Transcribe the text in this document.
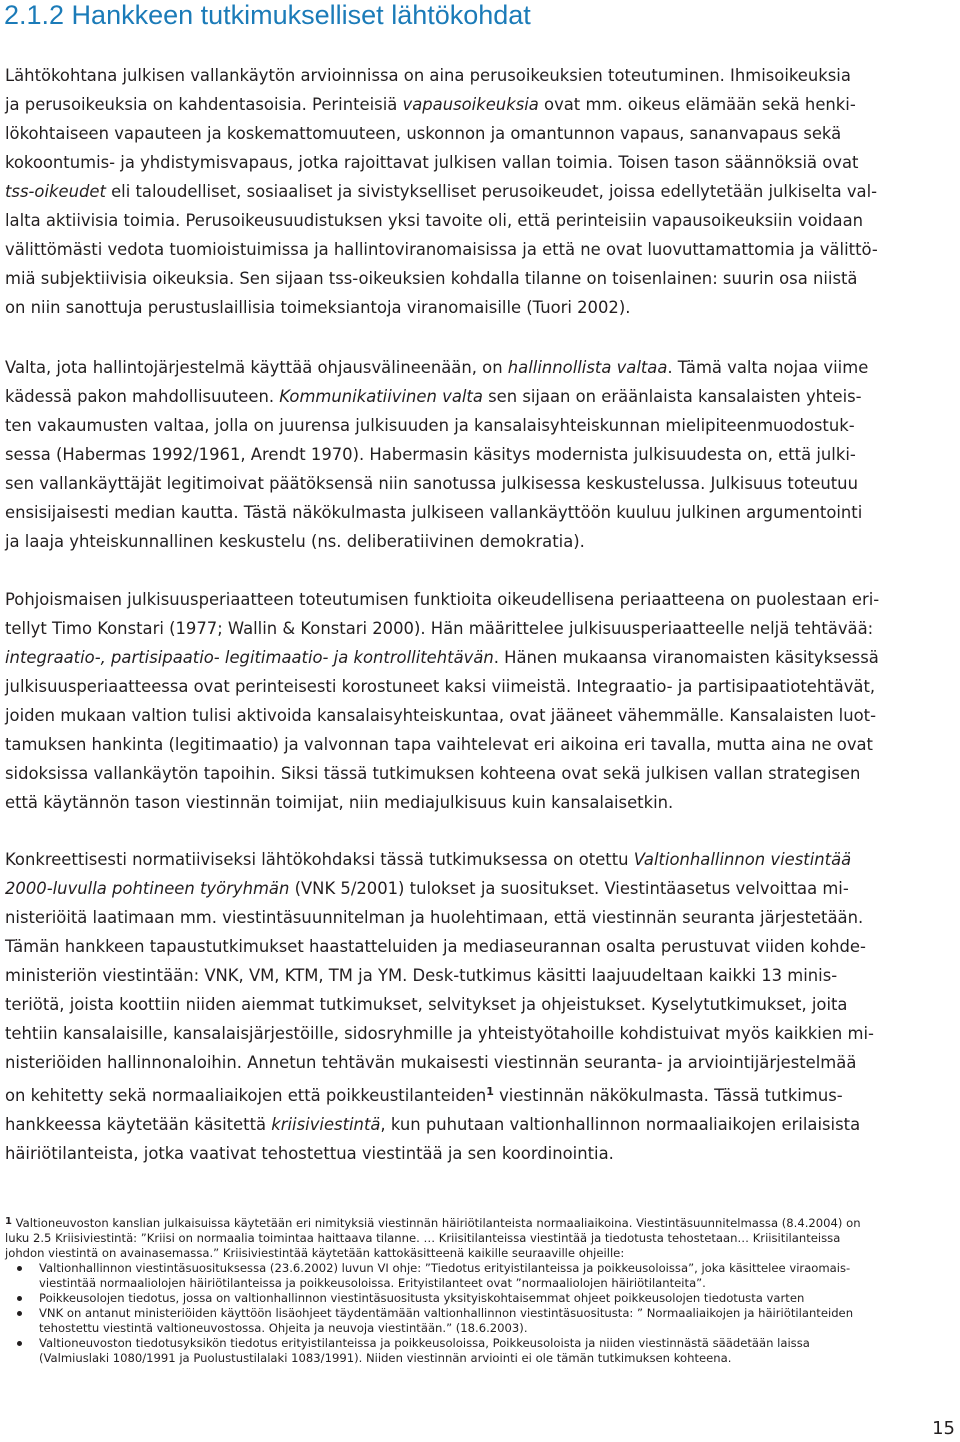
2.1.2 Hankkeen tutkimukselliset lähtökohdat
Lähtökohtana julkisen vallankäytön arvioinnissa on aina perusoikeuksien toteutuminen. Ihmisoikeuksia
ja perusoikeuksia on kahdentasoisia. Perinteisiä vapausoikeuksia ovat mm. oikeus elämään sekä henki-
lökohtaiseen vapauteen ja koskemattomuuteen, uskonnon ja omantunnon vapaus, sananvapaus sekä
kokoontumis- ja yhdistymisvapaus, jotka rajoittavat julkisen vallan toimia. Toisen tason säännöksiä ovat
tss-oikeudet eli taloudelliset, sosiaaliset ja sivistykselliset perusoikeudet, joissa edellytetään julkiselta val-
lalta aktiivisia toimia. Perusoikeusuudistuksen yksi tavoite oli, että perinteisiin vapausoikeuksiin voidaan
välittömästi vedota tuomioistuimissa ja hallintoviranomaisissa ja että ne ovat luovuttamattomia ja välittö-
miä subjektiivisia oikeuksia. Sen sijaan tss-oikeuksien kohdalla tilanne on toisenlainen: suurin osa niistä
on niin sanottuja perustuslaillisia toimeksiantoja viranomaisille (Tuori 2002).
Valta, jota hallintojärjestelmä käyttää ohjausvälineenään, on hallinnollista valtaa. Tämä valta nojaa viime
kädessä pakon mahdollisuuteen. Kommunikatiivinen valta sen sijaan on eräänlaista kansalaisten yhteis-
ten vakaumusten valtaa, jolla on juurensa julkisuuden ja kansalaisyhteiskunnan mielipiteenmuodostuk-
sessa (Habermas 1992/1961, Arendt 1970). Habermasin käsitys modernista julkisuudesta on, että julki-
sen vallankäyttäjät legitimoivat päätöksensä niin sanotussa julkisessa keskustelussa. Julkisuus toteutuu
ensisijaisesti median kautta. Tästä näkökulmasta julkiseen vallankäyttöön kuuluu julkinen argumentointi
ja laaja yhteiskunnallinen keskustelu (ns. deliberatiivinen demokratia).
Pohjoismaisen julkisuusperiaatteen toteutumisen funktioita oikeudellisena periaatteena on puolestaan eri-
tellyt Timo Konstari (1977; Wallin & Konstari 2000). Hän määrittelee julkisuusperiaatteelle neljä tehtävää:
integraatio-, partisipaatio- legitimaatio- ja kontrollitehtävän. Hänen mukaansa viranomaisten käsityksessä
julkisuusperiaatteessa ovat perinteisesti korostuneet kaksi viimeistä. Integraatio- ja partisipaatiotehtävät,
joiden mukaan valtion tulisi aktivoida kansalaisyhteiskuntaa, ovat jääneet vähemmälle. Kansalaisten luot-
tamuksen hankinta (legitimaatio) ja valvonnan tapa vaihtelevat eri aikoina eri tavalla, mutta aina ne ovat
sidoksissa vallankäytön tapoihin. Siksi tässä tutkimuksen kohteena ovat sekä julkisen vallan strategisen
että käytännön tason viestinnän toimijat, niin mediajulkisuus kuin kansalaisetkin.
Konkreettisesti normatiiviseksi lähtökohdaksi tässä tutkimuksessa on otettu Valtionhallinnon viestintää
2000-luvulla pohtineen työryhmän (VNK 5/2001) tulokset ja suositukset. Viestintäasetus velvoittaa mi-
nisteriöitä laatimaan mm. viestintäsuunnitelman ja huolehtimaan, että viestinnän seuranta järjestetään.
Tämän hankkeen tapaustutkimukset haastatteluiden ja mediaseurannan osalta perustuvat viiden kohde-
ministeriön viestintään: VNK, VM, KTM, TM ja YM. Desk-tutkimus käsitti laajuudeltaan kaikki 13 minis-
teriötä, joista koottiin niiden aiemmat tutkimukset, selvitykset ja ohjeistukset. Kyselytutkimukset, joita
tehtiin kansalaisille, kansalaisjärjestöille, sidosryhmille ja yhteistyötahoille kohdistuivat myös kaikkien mi-
nisteriöiden hallinnonaloihin. Annetun tehtävän mukaisesti viestinnän seuranta- ja arviointijärjestelmää
on kehitetty sekä normaaliaikojen että poikkeustilanteiden$^1$ viestinnän näkökulmasta. Tässä tutkimus-
hankkeessa käytetään käsitettä kriisiviestintä, kun puhutaan valtionhallinnon normaaliaikojen erilaisista
häiriötilanteista, jotka vaativat tehostettua viestintää ja sen koordinointia.
1 Valtioneuvoston kanslian julkaisuissa käytetään eri nimityksiä viestinnän häiriötilanteista normaaliaikoina. Viestintäsuunnitelmassa (8.4.2004) on
luku 2.5 Kriisiviestintä: ”Kriisi on normaalia toimintaa haittaava tilanne. … Kriisitilanteissa viestintää ja tiedotusta tehostetaan… Kriisitilanteissa
johdon viestintä on avainasemassa.” Kriisiviestintää käytetään kattokäsitteenä kaikille seuraaville ohjeille:
Valtionhallinnon viestintäsuosituksessa (23.6.2002) luvun VI ohje: ”Tiedotus erityistilanteissa ja poikkeusoloissa”, joka käsittelee viraomais-
viestintää normaaliolojen häiriötilanteissa ja poikkeusoloissa. Erityistilanteet ovat ”normaaliolojen häiriötilanteita”.
Poikkeusolojen tiedotus, jossa on valtionhallinnon viestintäsuositusta yksityiskohtaisemmat ohjeet poikkeusolojen tiedotusta varten
VNK on antanut ministeriöiden käyttöön lisäohjeet täydentämään valtionhallinnon viestintäsuositusta: ” Normaaliaikojen ja häiriötilanteiden
tehostettu viestintä valtioneuvostossa. Ohjeita ja neuvoja viestintään.” (18.6.2003).
Valtioneuvoston tiedotusyksikön tiedotus erityistilanteissa ja poikkeusoloissa, Poikkeusoloista ja niiden viestinnästä säädetään laissa
(Valmiuslaki 1080/1991 ja Puolustustilalaki 1083/1991). Niiden viestinnän arviointi ei ole tämän tutkimuksen kohteena.
15
